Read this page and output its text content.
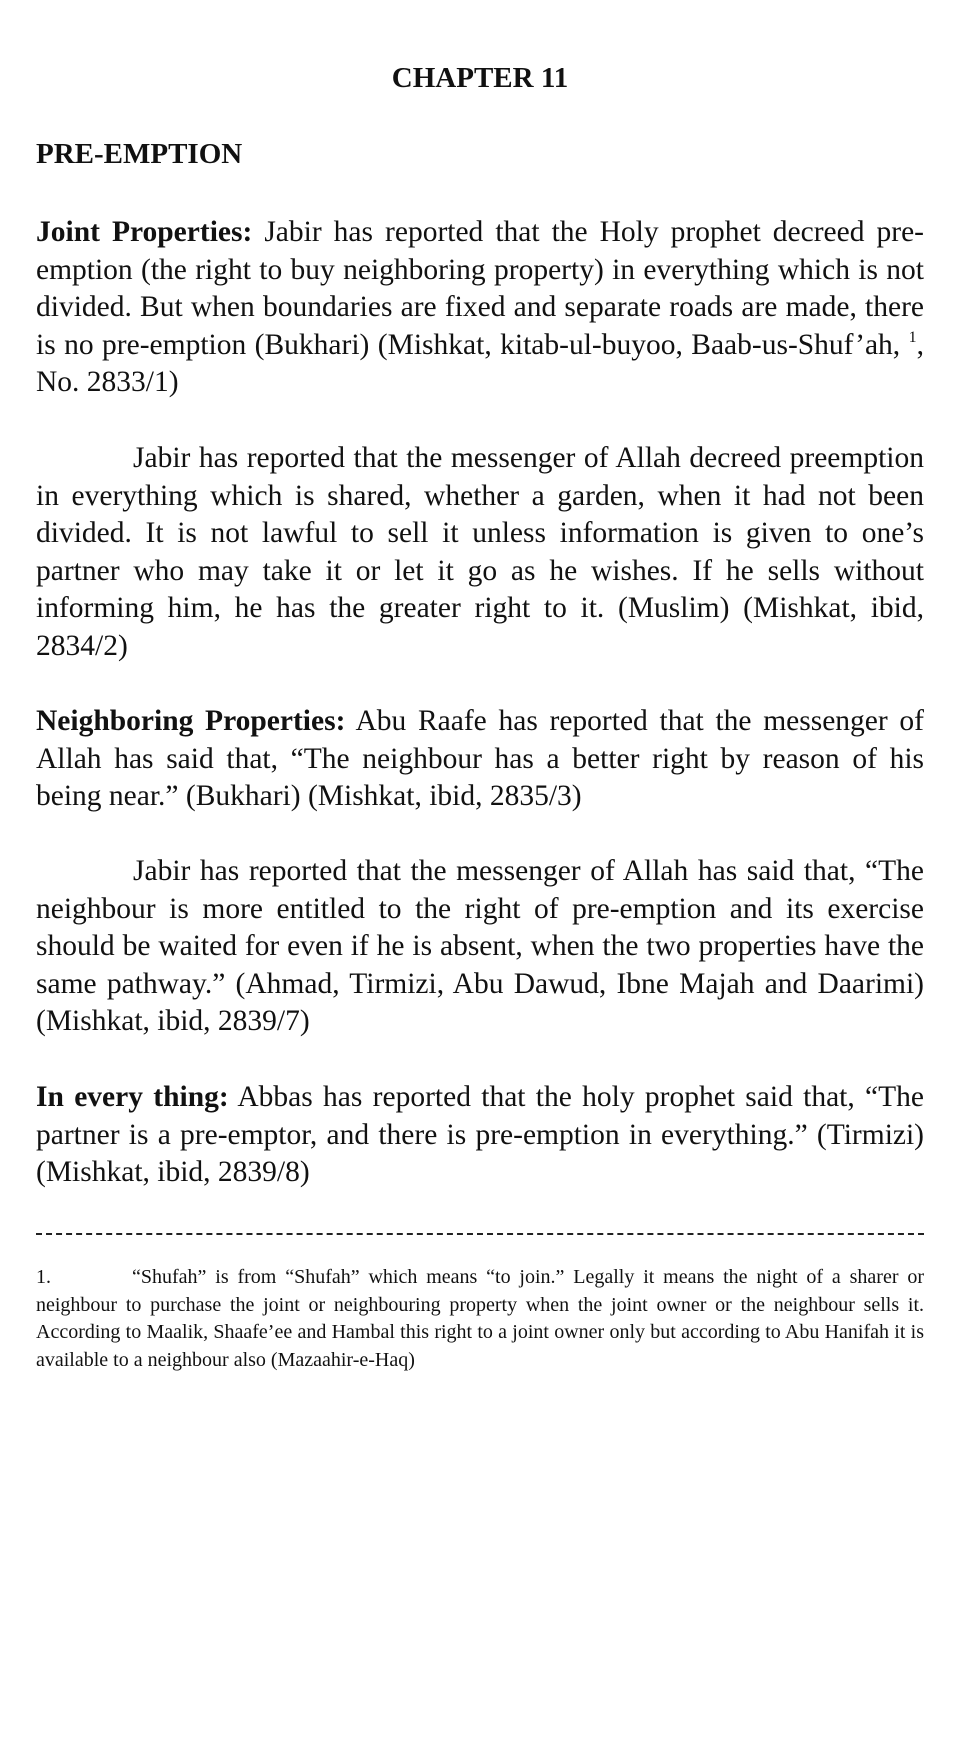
CHAPTER 11
PRE-EMPTION

Joint Properties: Jabir has reported that the Holy prophet decreed pre-emption (the right to buy neighboring property) in everything which is not divided. But when boundaries are fixed and separate roads are made, there is no pre-emption (Bukhari) (Mishkat, kitab-ul-buyoo, Baab-us-Shuf’ah, $^1$, No. 2833/1)

Jabir has reported that the messenger of Allah decreed preemption in everything which is shared, whether a garden, when it had not been divided. It is not lawful to sell it unless information is given to one’s partner who may take it or let it go as he wishes. If he sells without informing him, he has the greater right to it. (Muslim) (Mishkat, ibid, 2834/2)

Neighboring Properties: Abu Raafe has reported that the messenger of Allah has said that, “The neighbour has a better right by reason of his being near.” (Bukhari) (Mishkat, ibid, 2835/3)

Jabir has reported that the messenger of Allah has said that, “The neighbour is more entitled to the right of pre-emption and its exercise should be waited for even if he is absent, when the two properties have the same pathway.” (Ahmad, Tirmizi, Abu Dawud, Ibne Majah and Daarimi) (Mishkat, ibid, 2839/7)

In every thing: Abbas has reported that the holy prophet said that, “The partner is a pre-emptor, and there is pre-emption in everything.” (Tirmizi) (Mishkat, ibid, 2839/8)

1.	“Shufah” is from “Shufah” which means “to join.” Legally it means the night of a sharer or neighbour to purchase the joint or neighbouring property when the joint owner or the neighbour sells it. According to Maalik, Shaafe’ee and Hambal this right to a joint owner only but according to Abu Hanifah it is available to a neighbour also (Mazaahir-e-Haq)
